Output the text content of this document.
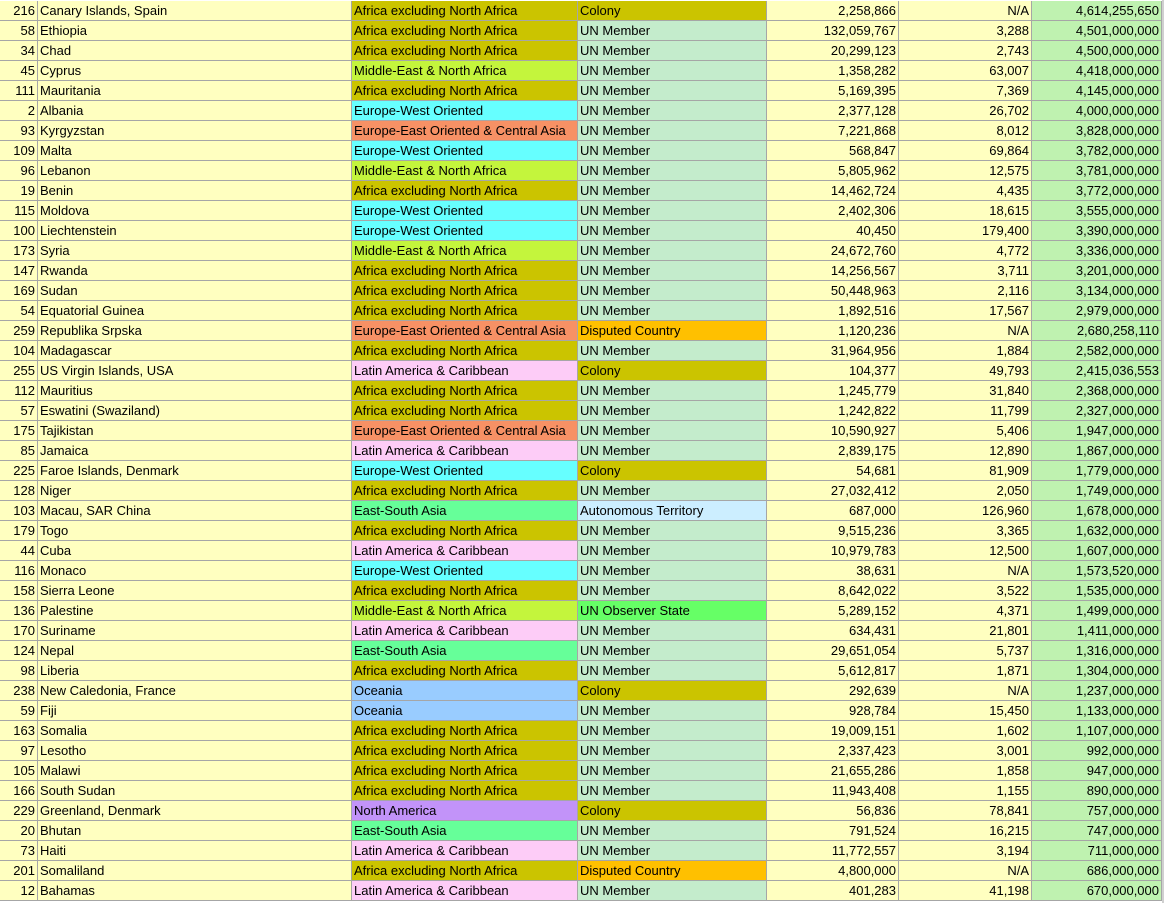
216 Canary Islands, Spain	Africa excluding North Africa	Colony	2,258,866	N/A	4,614,255,650
58 Ethiopia	Africa excluding North Africa	UN Member	132,059,767	3,288	4,501,000,000
34 Chad	Africa excluding North Africa	UN Member	20,299,123	2,743	4,500,000,000
45 Cyprus	Middle-East & North Africa	UN Member	1,358,282	63,007	4,418,000,000
111 Mauritania	Africa excluding North Africa	UN Member	5,169,395	7,369	4,145,000,000
2 Albania	Europe-West Oriented	UN Member	2,377,128	26,702	4,000,000,000
93 Kyrgyzstan	Europe-East Oriented & Central Asia	UN Member	7,221,868	8,012	3,828,000,000
109 Malta	Europe-West Oriented	UN Member	568,847	69,864	3,782,000,000
96 Lebanon	Middle-East & North Africa	UN Member	5,805,962	12,575	3,781,000,000
19 Benin	Africa excluding North Africa	UN Member	14,462,724	4,435	3,772,000,000
115 Moldova	Europe-West Oriented	UN Member	2,402,306	18,615	3,555,000,000
100 Liechtenstein	Europe-West Oriented	UN Member	40,450	179,400	3,390,000,000
173 Syria	Middle-East & North Africa	UN Member	24,672,760	4,772	3,336,000,000
147 Rwanda	Africa excluding North Africa	UN Member	14,256,567	3,711	3,201,000,000
169 Sudan	Africa excluding North Africa	UN Member	50,448,963	2,116	3,134,000,000
54 Equatorial Guinea	Africa excluding North Africa	UN Member	1,892,516	17,567	2,979,000,000
259 Republika Srpska	Europe-East Oriented & Central Asia	Disputed Country	1,120,236	N/A	2,680,258,110
104 Madagascar	Africa excluding North Africa	UN Member	31,964,956	1,884	2,582,000,000
255 US Virgin Islands, USA	Latin America & Caribbean	Colony	104,377	49,793	2,415,036,553
112 Mauritius	Africa excluding North Africa	UN Member	1,245,779	31,840	2,368,000,000
57 Eswatini (Swaziland)	Africa excluding North Africa	UN Member	1,242,822	11,799	2,327,000,000
175 Tajikistan	Europe-East Oriented & Central Asia	UN Member	10,590,927	5,406	1,947,000,000
85 Jamaica	Latin America & Caribbean	UN Member	2,839,175	12,890	1,867,000,000
225 Faroe Islands, Denmark	Europe-West Oriented	Colony	54,681	81,909	1,779,000,000
128 Niger	Africa excluding North Africa	UN Member	27,032,412	2,050	1,749,000,000
103 Macau, SAR China	East-South Asia	Autonomous Territory	687,000	126,960	1,678,000,000
179 Togo	Africa excluding North Africa	UN Member	9,515,236	3,365	1,632,000,000
44 Cuba	Latin America & Caribbean	UN Member	10,979,783	12,500	1,607,000,000
116 Monaco	Europe-West Oriented	UN Member	38,631	N/A	1,573,520,000
158 Sierra Leone	Africa excluding North Africa	UN Member	8,642,022	3,522	1,535,000,000
136 Palestine	Middle-East & North Africa	UN Observer State	5,289,152	4,371	1,499,000,000
170 Suriname	Latin America & Caribbean	UN Member	634,431	21,801	1,411,000,000
124 Nepal	East-South Asia	UN Member	29,651,054	5,737	1,316,000,000
98 Liberia	Africa excluding North Africa	UN Member	5,612,817	1,871	1,304,000,000
238 New Caledonia, France	Oceania	Colony	292,639	N/A	1,237,000,000
59 Fiji	Oceania	UN Member	928,784	15,450	1,133,000,000
163 Somalia	Africa excluding North Africa	UN Member	19,009,151	1,602	1,107,000,000
97 Lesotho	Africa excluding North Africa	UN Member	2,337,423	3,001	992,000,000
105 Malawi	Africa excluding North Africa	UN Member	21,655,286	1,858	947,000,000
166 South Sudan	Africa excluding North Africa	UN Member	11,943,408	1,155	890,000,000
229 Greenland, Denmark	North America	Colony	56,836	78,841	757,000,000
20 Bhutan	East-South Asia	UN Member	791,524	16,215	747,000,000
73 Haiti	Latin America & Caribbean	UN Member	11,772,557	3,194	711,000,000
201 Somaliland	Africa excluding North Africa	Disputed Country	4,800,000	N/A	686,000,000
12 Bahamas	Latin America & Caribbean	UN Member	401,283	41,198	670,000,000
